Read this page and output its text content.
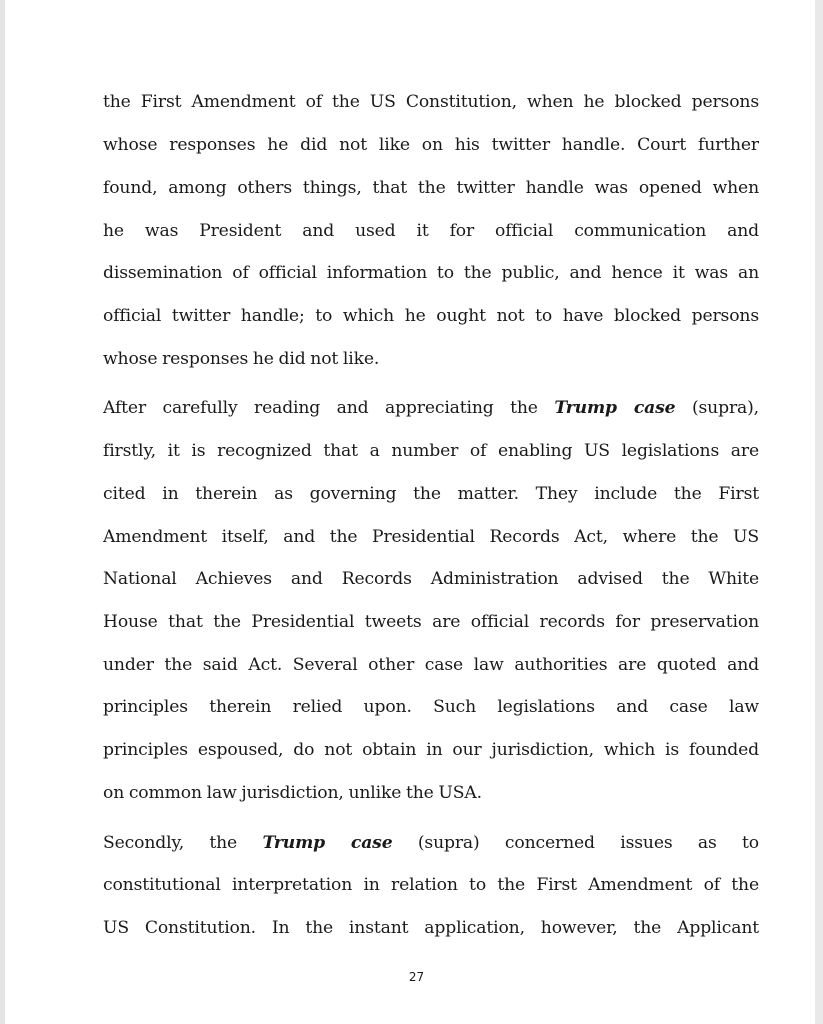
the First Amendment of the US Constitution, when he blocked persons
whose responses he did not like on his twitter handle. Court further
found, among others things, that the twitter handle was opened when
he was President and used it for official communication and
dissemination of official information to the public, and hence it was an
official twitter handle; to which he ought not to have blocked persons
whose responses he did not like.
After carefully reading and appreciating the Trump case (supra),
firstly, it is recognized that a number of enabling US legislations are
cited in therein as governing the matter. They include the First
Amendment itself, and the Presidential Records Act, where the US
National Achieves and Records Administration advised the White
House that the Presidential tweets are official records for preservation
under the said Act. Several other case law authorities are quoted and
principles therein relied upon. Such legislations and case law
principles espoused, do not obtain in our jurisdiction, which is founded
on common law jurisdiction, unlike the USA.
Secondly, the Trump case (supra) concerned issues as to
constitutional interpretation in relation to the First Amendment of the
US Constitution. In the instant application, however, the Applicant
27
